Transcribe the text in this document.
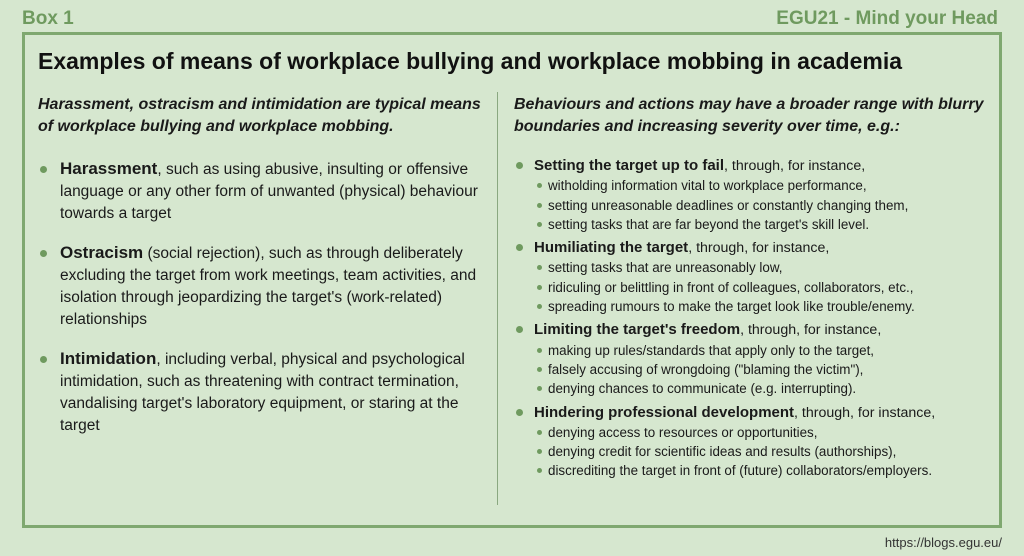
Box 1	EGU21 - Mind your Head
Examples of means of workplace bullying and workplace mobbing in academia

Harassment, ostracism and intimidation are typical means of workplace bullying and workplace mobbing.

Harassment, such as using abusive, insulting or offensive language or any other form of unwanted (physical) behaviour towards a target
Ostracism (social rejection), such as through deliberately excluding the target from work meetings, team activities, and isolation through jeopardizing the target's (work-related) relationships
Intimidation, including verbal, physical and psychological intimidation, such as threatening with contract termination, vandalising target's laboratory equipment, or staring at the target

Behaviours and actions may have a broader range with blurry boundaries and increasing severity over time, e.g.:

Setting the target up to fail, through, for instance,
witholding information vital to workplace performance,
setting unreasonable deadlines or constantly changing them,
setting tasks that are far beyond the target's skill level.
Humiliating the target, through, for instance,
setting tasks that are unreasonably low,
ridiculing or belittling in front of colleagues, collaborators, etc.,
spreading rumours to make the target look like trouble/enemy.
Limiting the target's freedom, through, for instance,
making up rules/standards that apply only to the target,
falsely accusing of wrongdoing ("blaming the victim"),
denying chances to communicate (e.g. interrupting).
Hindering professional development, through, for instance,
denying access to resources or opportunities,
denying credit for scientific ideas and results (authorships),
discrediting the target in front of (future) collaborators/employers.
https://blogs.egu.eu/
